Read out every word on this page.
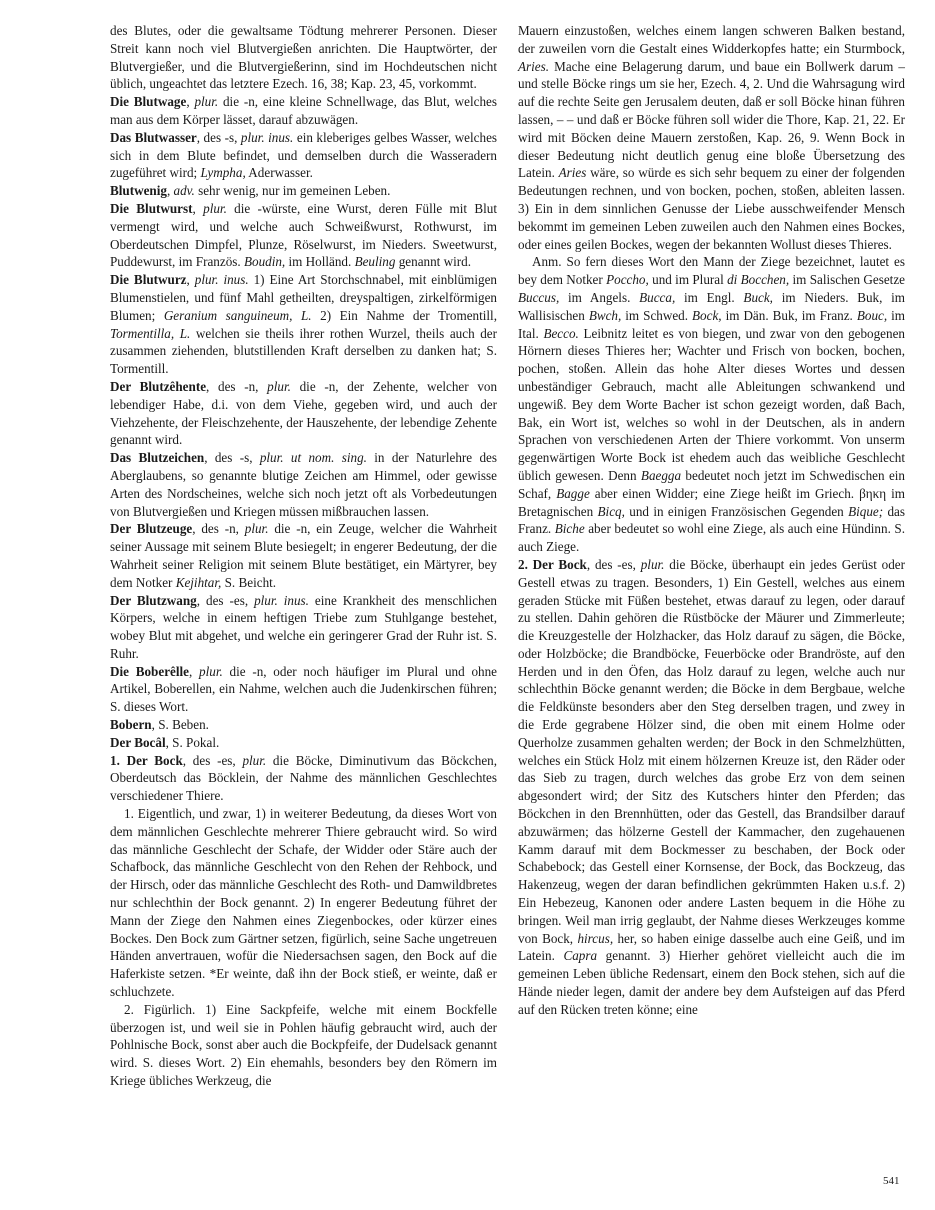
des Blutes, oder die gewaltsame Tödtung mehrerer Personen. Dieser Streit kann noch viel Blutvergießen anrichten. Die Hauptwörter, der Blutvergießer, und die Blutvergießerinn, sind im Hochdeutschen nicht üblich, ungeachtet das letztere Ezech. 16, 38; Kap. 23, 45, vorkommt.

Die Blutwage, plur. die -n, eine kleine Schnellwage, das Blut, welches man aus dem Körper lässet, darauf abzuwägen.

Das Blutwasser, des -s, plur. inus. ein kleberiges gelbes Wasser, welches sich in dem Blute befindet, und demselben durch die Wasseradern zugeführet wird; Lympha, Aderwasser.

Blutwenig, adv. sehr wenig, nur im gemeinen Leben.

Die Blutwurst, plur. die -würste, eine Wurst, deren Fülle mit Blut vermengt wird, und welche auch Schweißwurst, Rothwurst, im Oberdeutschen Dimpfel, Plunze, Röselwurst, im Nieders. Sweetwurst, Puddewurst, im Französ. Boudin, im Holländ. Beuling genannt wird.

Die Blutwurz, plur. inus. 1) Eine Art Storchschnabel, mit einblümigen Blumenstielen, und fünf Mahl getheilten, dreyspaltigen, zirkelförmigen Blumen; Geranium sanguineum, L. 2) Ein Nahme der Tromentill, Tormentilla, L. welchen sie theils ihrer rothen Wurzel, theils auch der zusammen ziehenden, blutstillenden Kraft derselben zu danken hat; S. Tormentill.

Der Blutzêhente, des -n, plur. die -n, der Zehente, welcher von lebendiger Habe, d.i. von dem Viehe, gegeben wird, und auch der Viehzehente, der Fleischzehente, der Hauszehente, der lebendige Zehente genannt wird.

Das Blutzeichen, des -s, plur. ut nom. sing. in der Naturlehre des Aberglaubens, so genannte blutige Zeichen am Himmel, oder gewisse Arten des Nordscheines, welche sich noch jetzt oft als Vorbedeutungen von Blutvergießen und Kriegen müssen mißbrauchen lassen.

Der Blutzeuge, des -n, plur. die -n, ein Zeuge, welcher die Wahrheit seiner Aussage mit seinem Blute besiegelt; in engerer Bedeutung, der die Wahrheit seiner Religion mit seinem Blute bestätiget, ein Märtyrer, bey dem Notker Kejihtar, S. Beicht.

Der Blutzwang, des -es, plur. inus. eine Krankheit des menschlichen Körpers, welche in einem heftigen Triebe zum Stuhlgange bestehet, wobey Blut mit abgehet, und welche ein geringerer Grad der Ruhr ist. S. Ruhr.

Die Boberêlle, plur. die -n, oder noch häufiger im Plural und ohne Artikel, Boberellen, ein Nahme, welchen auch die Judenkirschen führen; S. dieses Wort.

Bobern, S. Beben.

Der Bocâl, S. Pokal.

1. Der Bock, des -es, plur. die Böcke, Diminutivum das Böckchen, Oberdeutsch das Böcklein, der Nahme des männlichen Geschlechtes verschiedener Thiere.

1. Eigentlich, und zwar, 1) in weiterer Bedeutung, da dieses Wort von dem männlichen Geschlechte mehrerer Thiere gebraucht wird. So wird das männliche Geschlecht der Schafe, der Widder oder Stäre auch der Schafbock, das männliche Geschlecht von den Rehen der Rehbock, und der Hirsch, oder das männliche Geschlecht des Roth- und Damwildbretes nur schlechthin der Bock genannt. 2) In engerer Bedeutung führet der Mann der Ziege den Nahmen eines Ziegenbockes, oder kürzer eines Bockes. Den Bock zum Gärtner setzen, figürlich, seine Sache ungetreuen Händen anvertrauen, wofür die Niedersachsen sagen, den Bock auf die Haferkiste setzen. *Er weinte, daß ihn der Bock stieß, er weinte, daß er schluchzete.

2. Figürlich. 1) Eine Sackpfeife, welche mit einem Bockfelle überzogen ist, und weil sie in Pohlen häufig gebraucht wird, auch der Pohlnische Bock, sonst aber auch die Bockpfeife, der Dudelsack genannt wird. S. dieses Wort. 2) Ein ehemahls, besonders bey den Römern im Kriege übliches Werkzeug, die

Mauern einzustoßen, welches einem langen schweren Balken bestand, der zuweilen vorn die Gestalt eines Widderkopfes hatte; ein Sturmbock, Aries. Mache eine Belagerung darum, und baue ein Bollwerk darum – und stelle Böcke rings um sie her, Ezech. 4, 2. Und die Wahrsagung wird auf die rechte Seite gen Jerusalem deuten, daß er soll Böcke hinan führen lassen, – – und daß er Böcke führen soll wider die Thore, Kap. 21, 22. Er wird mit Böcken deine Mauern zerstoßen, Kap. 26, 9. Wenn Bock in dieser Bedeutung nicht deutlich genug eine bloße Übersetzung des Latein. Aries wäre, so würde es sich sehr bequem zu einer der folgenden Bedeutungen rechnen, und von bocken, pochen, stoßen, ableiten lassen. 3) Ein in dem sinnlichen Genusse der Liebe ausschweifender Mensch bekommt im gemeinen Leben zuweilen auch den Nahmen eines Bockes, oder eines geilen Bockes, wegen der bekannten Wollust dieses Thieres.

Anm. So fern dieses Wort den Mann der Ziege bezeichnet, lautet es bey dem Notker Poccho, und im Plural di Bocchen, im Salischen Gesetze Buccus, im Angels. Bucca, im Engl. Buck, im Nieders. Buk, im Wallisischen Bwch, im Schwed. Bock, im Dän. Buk, im Franz. Bouc, im Ital. Becco. Leibnitz leitet es von biegen, und zwar von den gebogenen Hörnern dieses Thieres her; Wachter und Frisch von bocken, bochen, pochen, stoßen. Allein das hohe Alter dieses Wortes und dessen unbeständiger Gebrauch, macht alle Ableitungen schwankend und ungewiß. Bey dem Worte Bacher ist schon gezeigt worden, daß Bach, Bak, ein Wort ist, welches so wohl in der Deutschen, als in andern Sprachen von verschiedenen Arten der Thiere vorkommt. Von unserm gegenwärtigen Worte Bock ist ehedem auch das weibliche Geschlecht üblich gewesen. Denn Baegga bedeutet noch jetzt im Schwedischen ein Schaf, Bagge aber einen Widder; eine Ziege heißt im Griech. βηκη im Bretagnischen Bicq, und in einigen Französischen Gegenden Bique; das Franz. Biche aber bedeutet so wohl eine Ziege, als auch eine Hündinn. S. auch Ziege.

2. Der Bock, des -es, plur. die Böcke, überhaupt ein jedes Gerüst oder Gestell etwas zu tragen. Besonders, 1) Ein Gestell, welches aus einem geraden Stücke mit Füßen bestehet, etwas darauf zu legen, oder darauf zu stellen. Dahin gehören die Rüstböcke der Mäurer und Zimmerleute; die Kreuzgestelle der Holzhacker, das Holz darauf zu sägen, die Böcke, oder Holzböcke; die Brandböcke, Feuerböcke oder Brandröste, auf den Herden und in den Öfen, das Holz darauf zu legen, welche auch nur schlechthin Böcke genannt werden; die Böcke in dem Bergbaue, welche die Feldkünste besonders aber den Steg derselben tragen, und zwey in die Erde gegrabene Hölzer sind, die oben mit einem Holme oder Querholze zusammen gehalten werden; der Bock in den Schmelzhütten, welches ein Stück Holz mit einem hölzernen Kreuze ist, den Räder oder das Sieb zu tragen, durch welches das grobe Erz von dem seinen abgesondert wird; der Sitz des Kutschers hinter den Pferden; das Böckchen in den Brennhütten, oder das Gestell, das Brandsilber darauf abzuwärmen; das hölzerne Gestell der Kammacher, den zugehauenen Kamm darauf mit dem Bockmesser zu beschaben, der Bock oder Schabebock; das Gestell einer Kornsense, der Bock, das Bockzeug, das Hakenzeug, wegen der daran befindlichen gekrümmten Haken u.s.f. 2) Ein Hebezeug, Kanonen oder andere Lasten bequem in die Höhe zu bringen. Weil man irrig geglaubt, der Nahme dieses Werkzeuges komme von Bock, hircus, her, so haben einige dasselbe auch eine Geiß, und im Latein. Capra genannt. 3) Hierher gehöret vielleicht auch die im gemeinen Leben übliche Redensart, einem den Bock stehen, sich auf die Hände nieder legen, damit der andere bey dem Aufsteigen auf das Pferd auf den Rücken treten könne; eine

541
